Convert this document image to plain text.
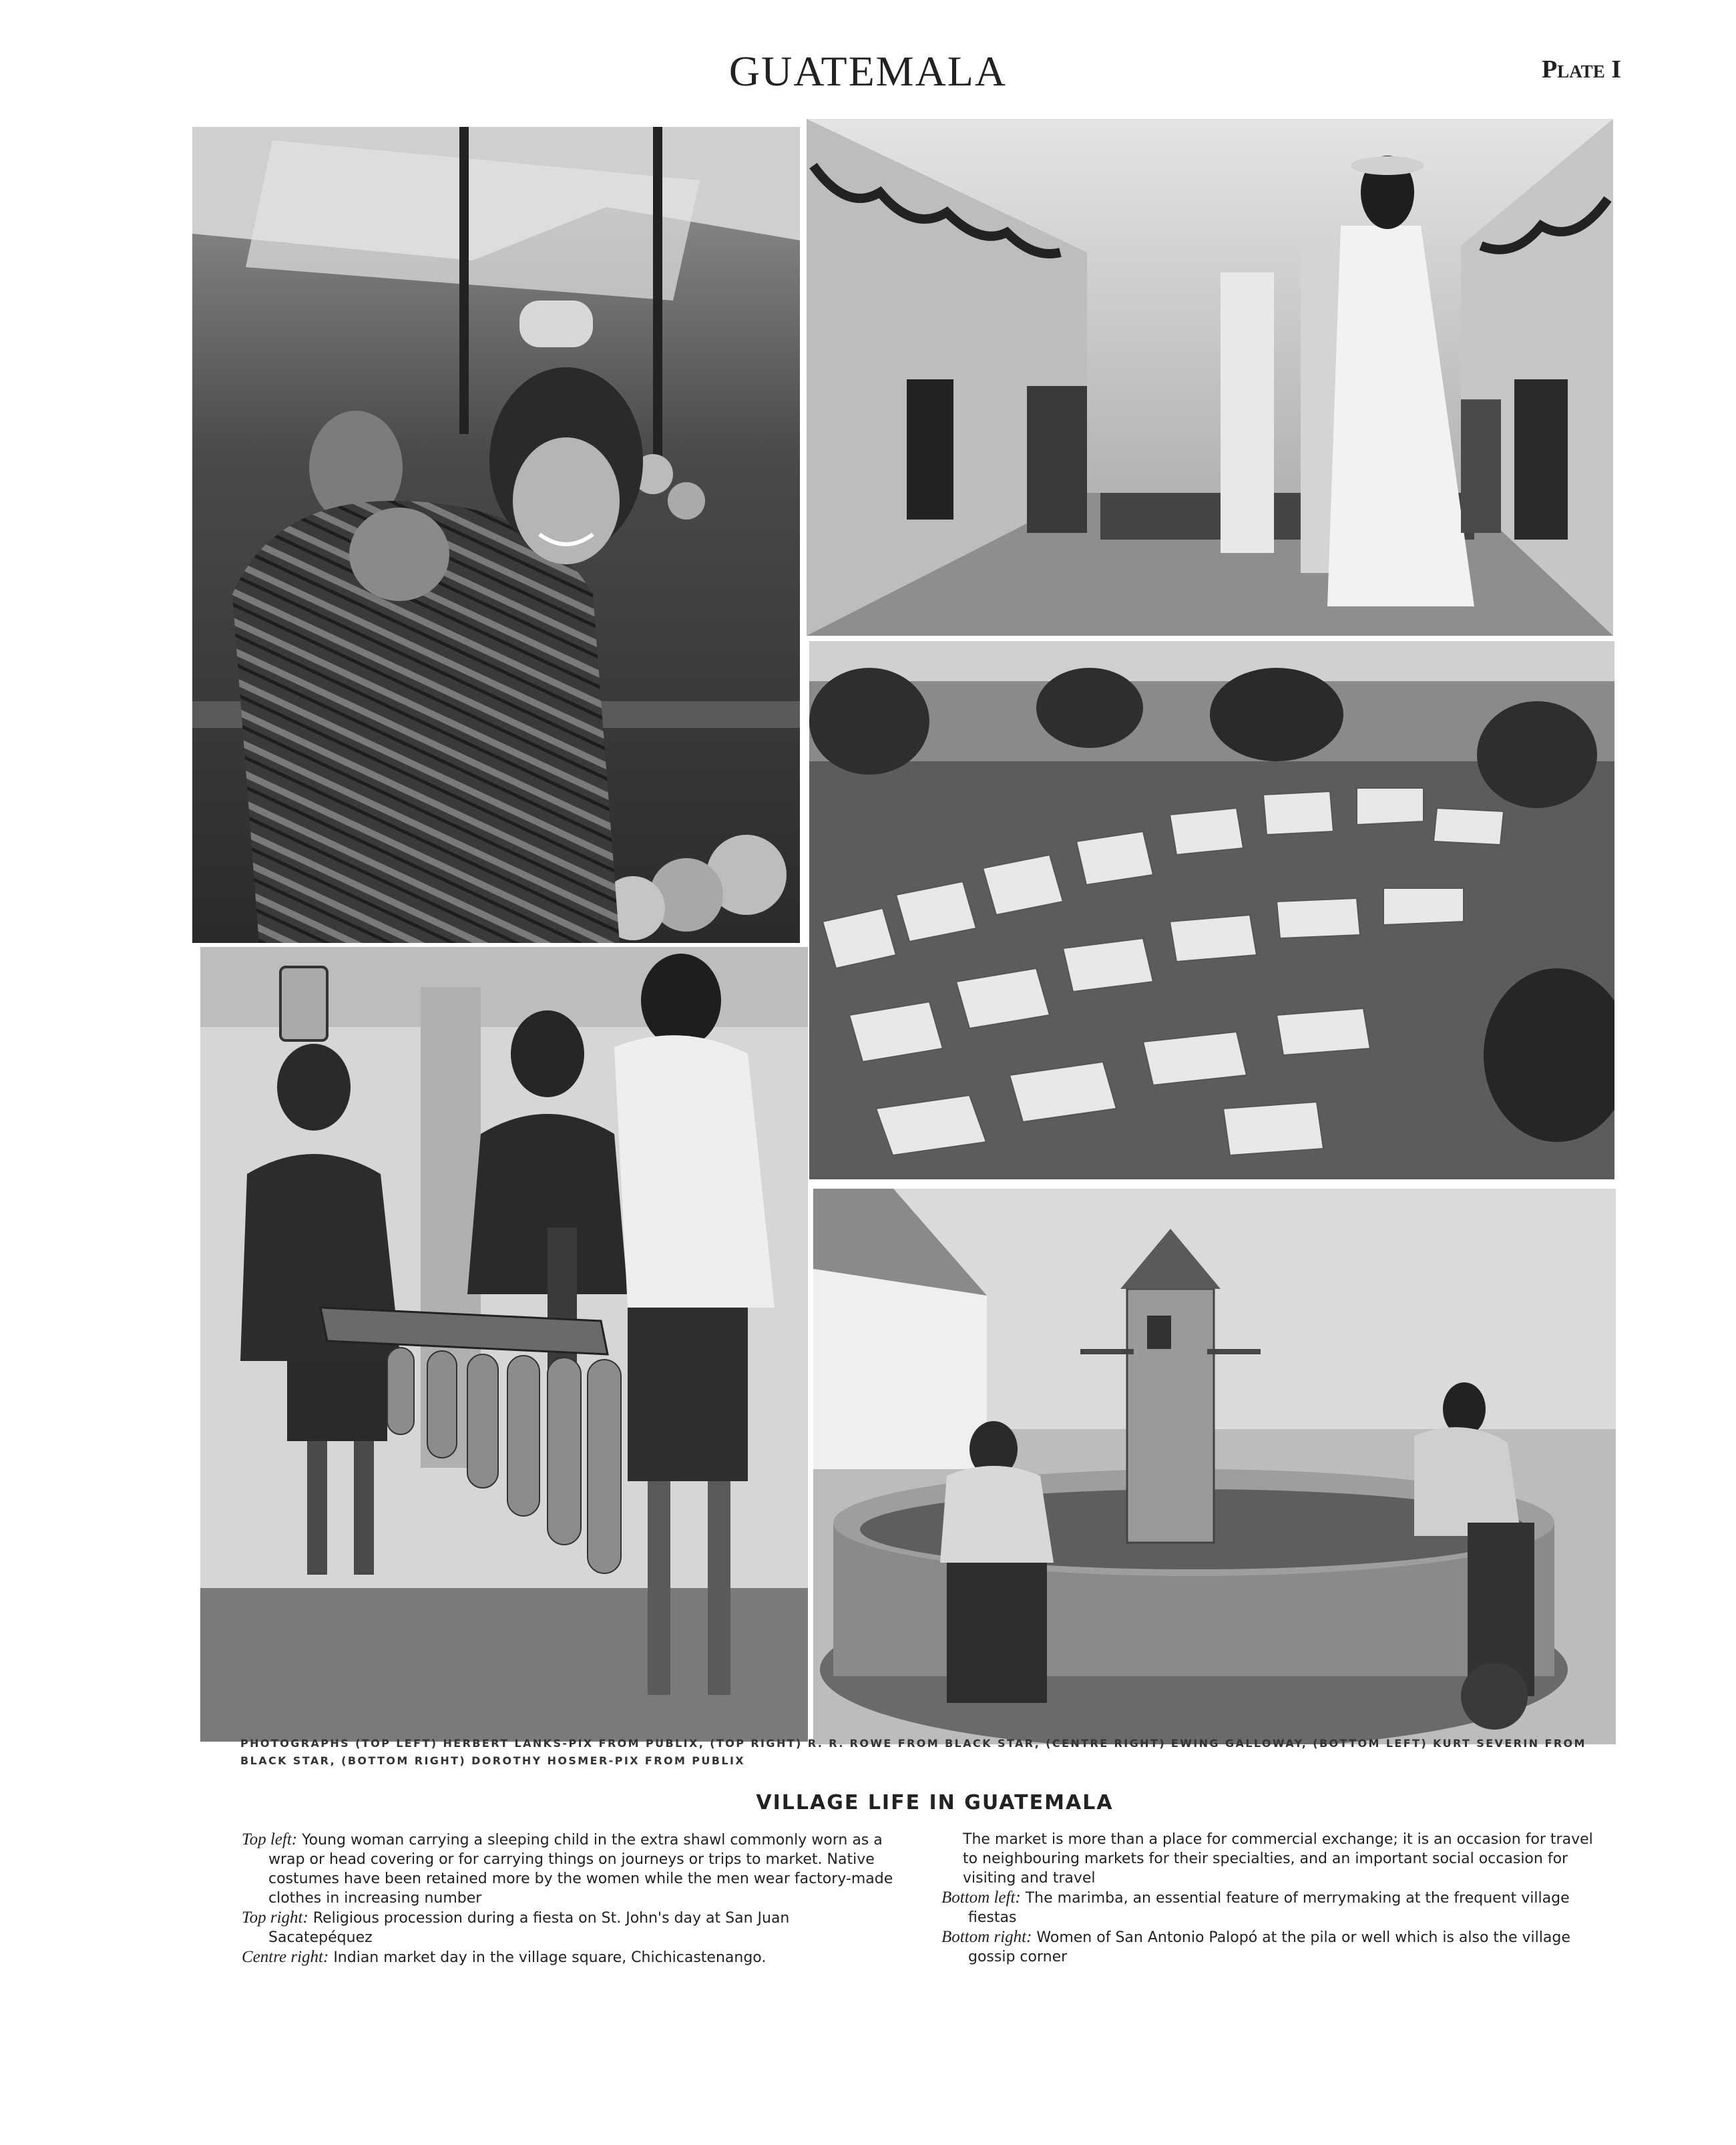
GUATEMALA	Plate I
PHOTOGRAPHS (TOP LEFT) HERBERT LANKS-PIX FROM PUBLIX, (TOP RIGHT) R. R. ROWE FROM BLACK STAR, (CENTRE RIGHT) EWING GALLOWAY, (BOTTOM LEFT) KURT SEVERIN FROM BLACK STAR, (BOTTOM RIGHT) DOROTHY HOSMER-PIX FROM PUBLIX
VILLAGE LIFE IN GUATEMALA

Top left: Young woman carrying a sleeping child in the extra shawl commonly worn as a wrap or head covering or for carrying things on journeys or trips to market. Native costumes have been retained more by the women while the men wear factory-made clothes in increasing number

Top right: Religious procession during a fiesta on St. John's day at San Juan Sacatepéquez

Centre right: Indian market day in the village square, Chichicastenango.

The market is more than a place for commercial exchange; it is an occasion for travel to neighbouring markets for their specialties, and an important social occasion for visiting and travel

Bottom left: The marimba, an essential feature of merrymaking at the frequent village fiestas

Bottom right: Women of San Antonio Palopó at the pila or well which is also the village gossip corner
